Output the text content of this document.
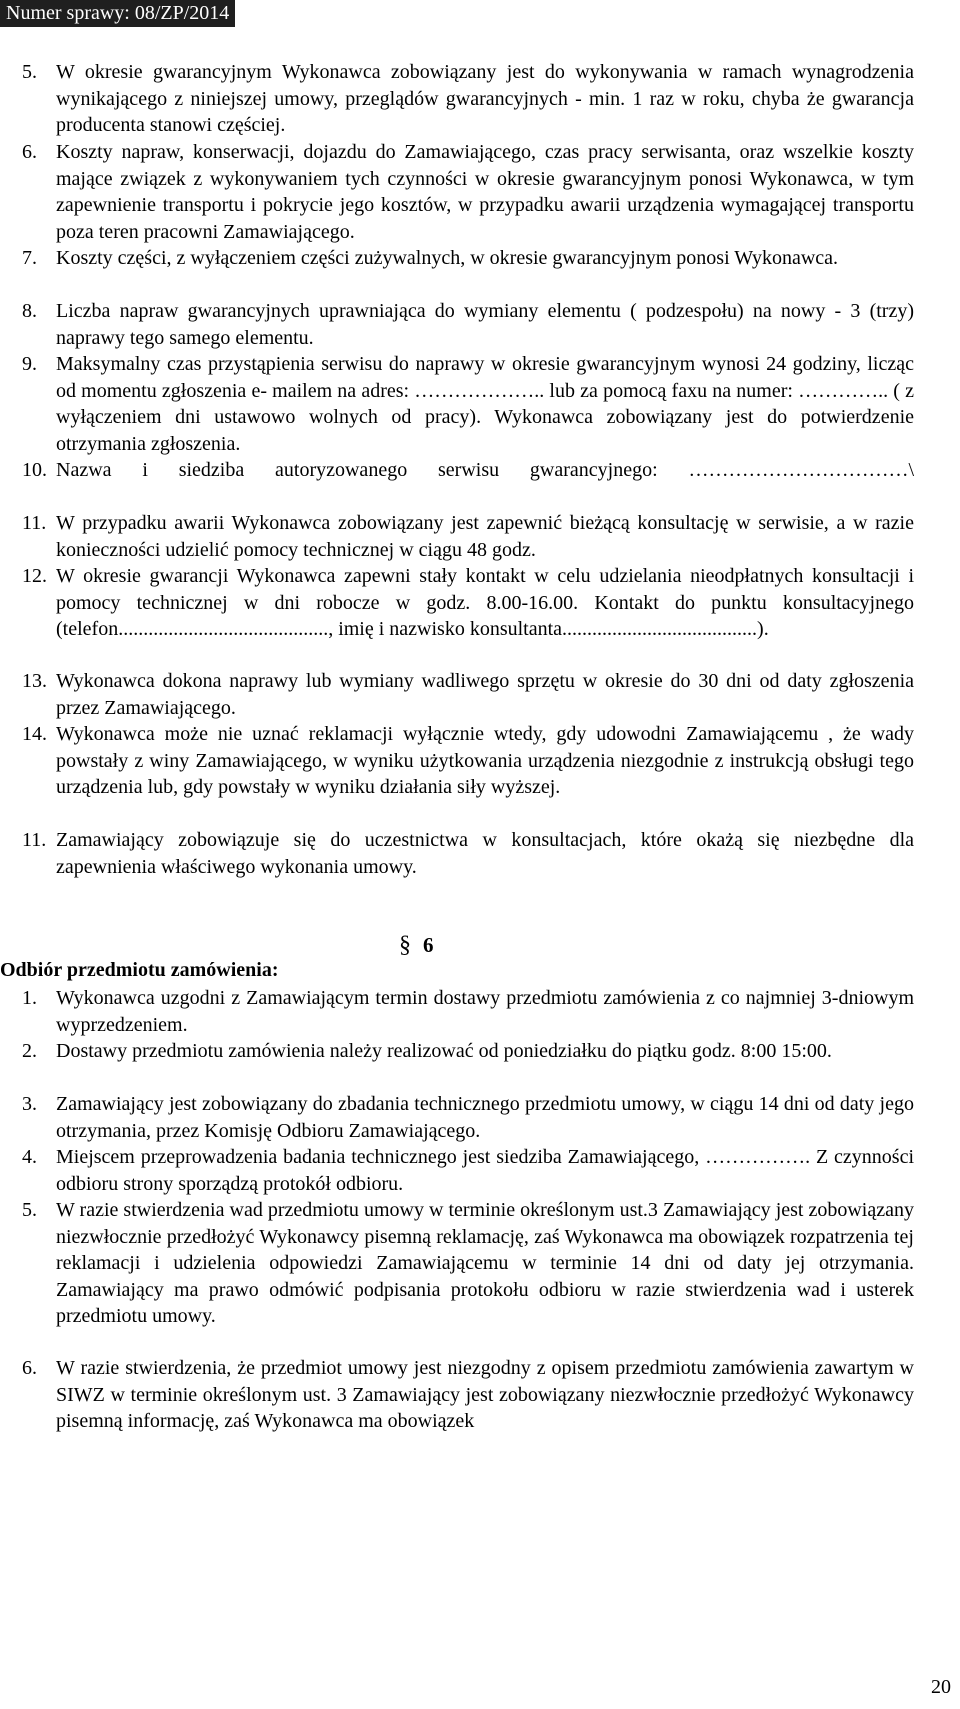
Numer sprawy: 08/ZP/2014
5. W okresie gwarancyjnym Wykonawca zobowiązany jest do wykonywania w ramach wynagrodzenia wynikającego z niniejszej umowy, przeglądów gwarancyjnych - min. 1 raz w roku, chyba że gwarancja producenta stanowi częściej.
6. Koszty napraw, konserwacji, dojazdu do Zamawiającego, czas pracy serwisanta, oraz wszelkie koszty mające związek z wykonywaniem tych czynności w okresie gwarancyjnym ponosi Wykonawca, w tym zapewnienie transportu i pokrycie jego kosztów, w przypadku awarii urządzenia wymagającej transportu poza teren pracowni Zamawiającego.
7. Koszty części, z wyłączeniem części zużywalnych, w okresie gwarancyjnym ponosi Wykonawca.
8. Liczba napraw gwarancyjnych uprawniająca do wymiany elementu ( podzespołu) na nowy - 3 (trzy) naprawy tego samego elementu.
9. Maksymalny czas przystąpienia serwisu do naprawy w okresie gwarancyjnym wynosi 24 godziny, licząc od momentu zgłoszenia e- mailem na adres: ……………….. lub za pomocą faxu na numer: ………….. ( z wyłączeniem dni ustawowo wolnych od pracy). Wykonawca zobowiązany jest do potwierdzenie otrzymania zgłoszenia.
10. Nazwa i siedziba autoryzowanego serwisu gwarancyjnego: ……………………………\
11. W przypadku awarii Wykonawca zobowiązany jest zapewnić bieżącą konsultację w serwisie, a w razie konieczności udzielić pomocy technicznej w ciągu 48 godz.
12. W okresie gwarancji Wykonawca zapewni stały kontakt w celu udzielania nieodpłatnych konsultacji i pomocy technicznej w dni robocze w godz. 8.00-16.00. Kontakt do punktu konsultacyjnego (telefon.........................................., imię i nazwisko konsultanta.......................................).
13. Wykonawca dokona naprawy lub wymiany wadliwego sprzętu w okresie do 30 dni od daty zgłoszenia przez Zamawiającego.
14. Wykonawca może nie uznać reklamacji wyłącznie wtedy, gdy udowodni Zamawiającemu , że wady powstały z winy Zamawiającego, w wyniku użytkowania urządzenia niezgodnie z instrukcją obsługi tego urządzenia lub, gdy powstały w wyniku działania siły wyższej.
11. Zamawiający zobowiązuje się do uczestnictwa w konsultacjach, które okażą się niezbędne dla zapewnienia właściwego wykonania umowy.
§ 6
Odbiór przedmiotu zamówienia:
1. Wykonawca uzgodni z Zamawiającym termin dostawy przedmiotu zamówienia z co najmniej 3-dniowym wyprzedzeniem.
2. Dostawy przedmiotu zamówienia należy realizować od poniedziałku do piątku godz. 8:00 15:00.
3. Zamawiający jest zobowiązany do zbadania technicznego przedmiotu umowy, w ciągu 14 dni od daty jego otrzymania, przez Komisję Odbioru Zamawiającego.
4. Miejscem przeprowadzenia badania technicznego jest siedziba Zamawiającego, ……………. Z czynności odbioru strony sporządzą protokół odbioru.
5. W razie stwierdzenia wad przedmiotu umowy w terminie określonym ust.3 Zamawiający jest zobowiązany niezwłocznie przedłożyć Wykonawcy pisemną reklamację, zaś Wykonawca ma obowiązek rozpatrzenia tej reklamacji i udzielenia odpowiedzi Zamawiającemu w terminie 14 dni od daty jej otrzymania. Zamawiający ma prawo odmówić podpisania protokołu odbioru w razie stwierdzenia wad i usterek przedmiotu umowy.
6. W razie stwierdzenia, że przedmiot umowy jest niezgodny z opisem przedmiotu zamówienia zawartym w SIWZ w terminie określonym ust. 3 Zamawiający jest zobowiązany niezwłocznie przedłożyć Wykonawcy pisemną informację, zaś Wykonawca ma obowiązek
20
